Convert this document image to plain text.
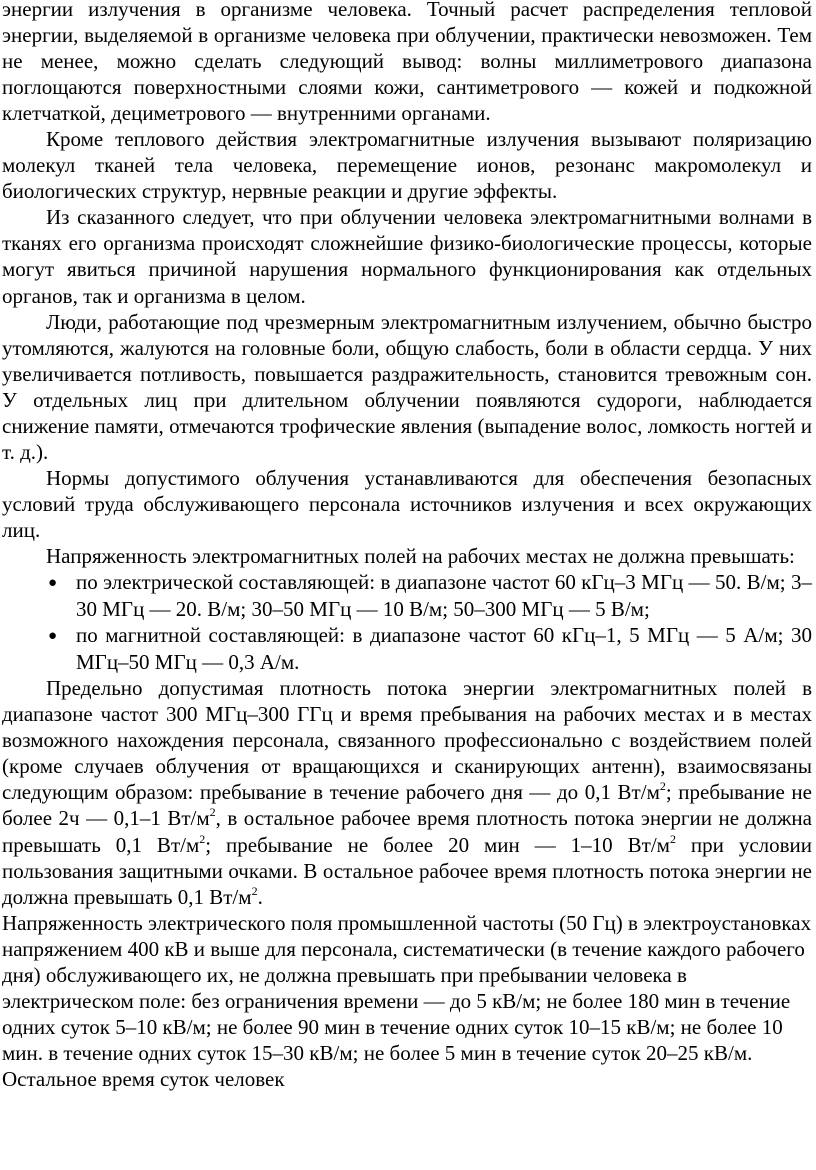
энергии излучения в организме человека. Точный расчет распределения тепловой энергии, выделяемой в организме человека при облучении, практически невозможен. Тем не менее, можно сделать следующий вывод: волны миллиметрового диапазона поглощаются поверхностными слоями кожи, сантиметрового — кожей и подкожной клетчаткой, дециметрового — внутренними органами.

Кроме теплового действия электромагнитные излучения вызывают поляризацию молекул тканей тела человека, перемещение ионов, резонанс макромолекул и биологических структур, нервные реакции и другие эффекты.

Из сказанного следует, что при облучении человека электромагнитными волнами в тканях его организма происходят сложнейшие физико-биологические процессы, которые могут явиться причиной нарушения нормального функционирования как отдельных органов, так и организма в целом.

Люди, работающие под чрезмерным электромагнитным излучением, обычно быстро утомляются, жалуются на головные боли, общую слабость, боли в области сердца. У них увеличивается потливость, повышается раздражительность, становится тревожным сон. У отдельных лиц при длительном облучении появляются судороги, наблюдается снижение памяти, отмечаются трофические явления (выпадение волос, ломкость ногтей и т. д.).

Нормы допустимого облучения устанавливаются для обеспечения безопасных условий труда обслуживающего персонала источников излучения и всех окружающих лиц.

Напряженность электромагнитных полей на рабочих местах не должна превышать:

● по электрической составляющей: в диапазоне частот 60 кГц–3 МГц — 50. В/м; 3–30 МГц — 20. В/м; 30–50 МГц — 10 В/м; 50–300 МГц — 5 В/м;
● по магнитной составляющей: в диапазоне частот 60 кГц–1, 5 МГц — 5 А/м; 30 МГц–50 МГц — 0,3 А/м.

Предельно допустимая плотность потока энергии электромагнитных полей в диапазоне частот 300 МГц–300 ГГц и время пребывания на рабочих местах и в местах возможного нахождения персонала, связанного профессионально с воздействием полей (кроме случаев облучения от вращающихся и сканирующих антенн), взаимосвязаны следующим образом: пребывание в течение рабочего дня — до 0,1 $Вт/м^2$; пребывание не более 2ч — 0,1–1 $Вт/м^2$, в остальное рабочее время плотность потока энергии не должна превышать 0,1 $Вт/м^2$; пребывание не более 20 мин — 1–10 $Вт/м^2$ при условии пользования защитными очками. В остальное рабочее время плотность потока энергии не должна превышать 0,1 $Вт/м^2$.

Напряженность электрического поля промышленной частоты (50 Гц) в электроустановках напряжением 400 кВ и выше для персонала, систематически (в течение каждого рабочего дня) обслуживающего их, не должна превышать при пребывании человека в электрическом поле: без ограничения времени — до 5 кВ/м; не более 180 мин в течение одних суток 5–10 кВ/м; не более 90 мин в течение одних суток 10–15 кВ/м; не более 10 мин. в течение одних суток 15–30 кВ/м; не более 5 мин в течение суток 20–25 кВ/м. Остальное время суток человек
